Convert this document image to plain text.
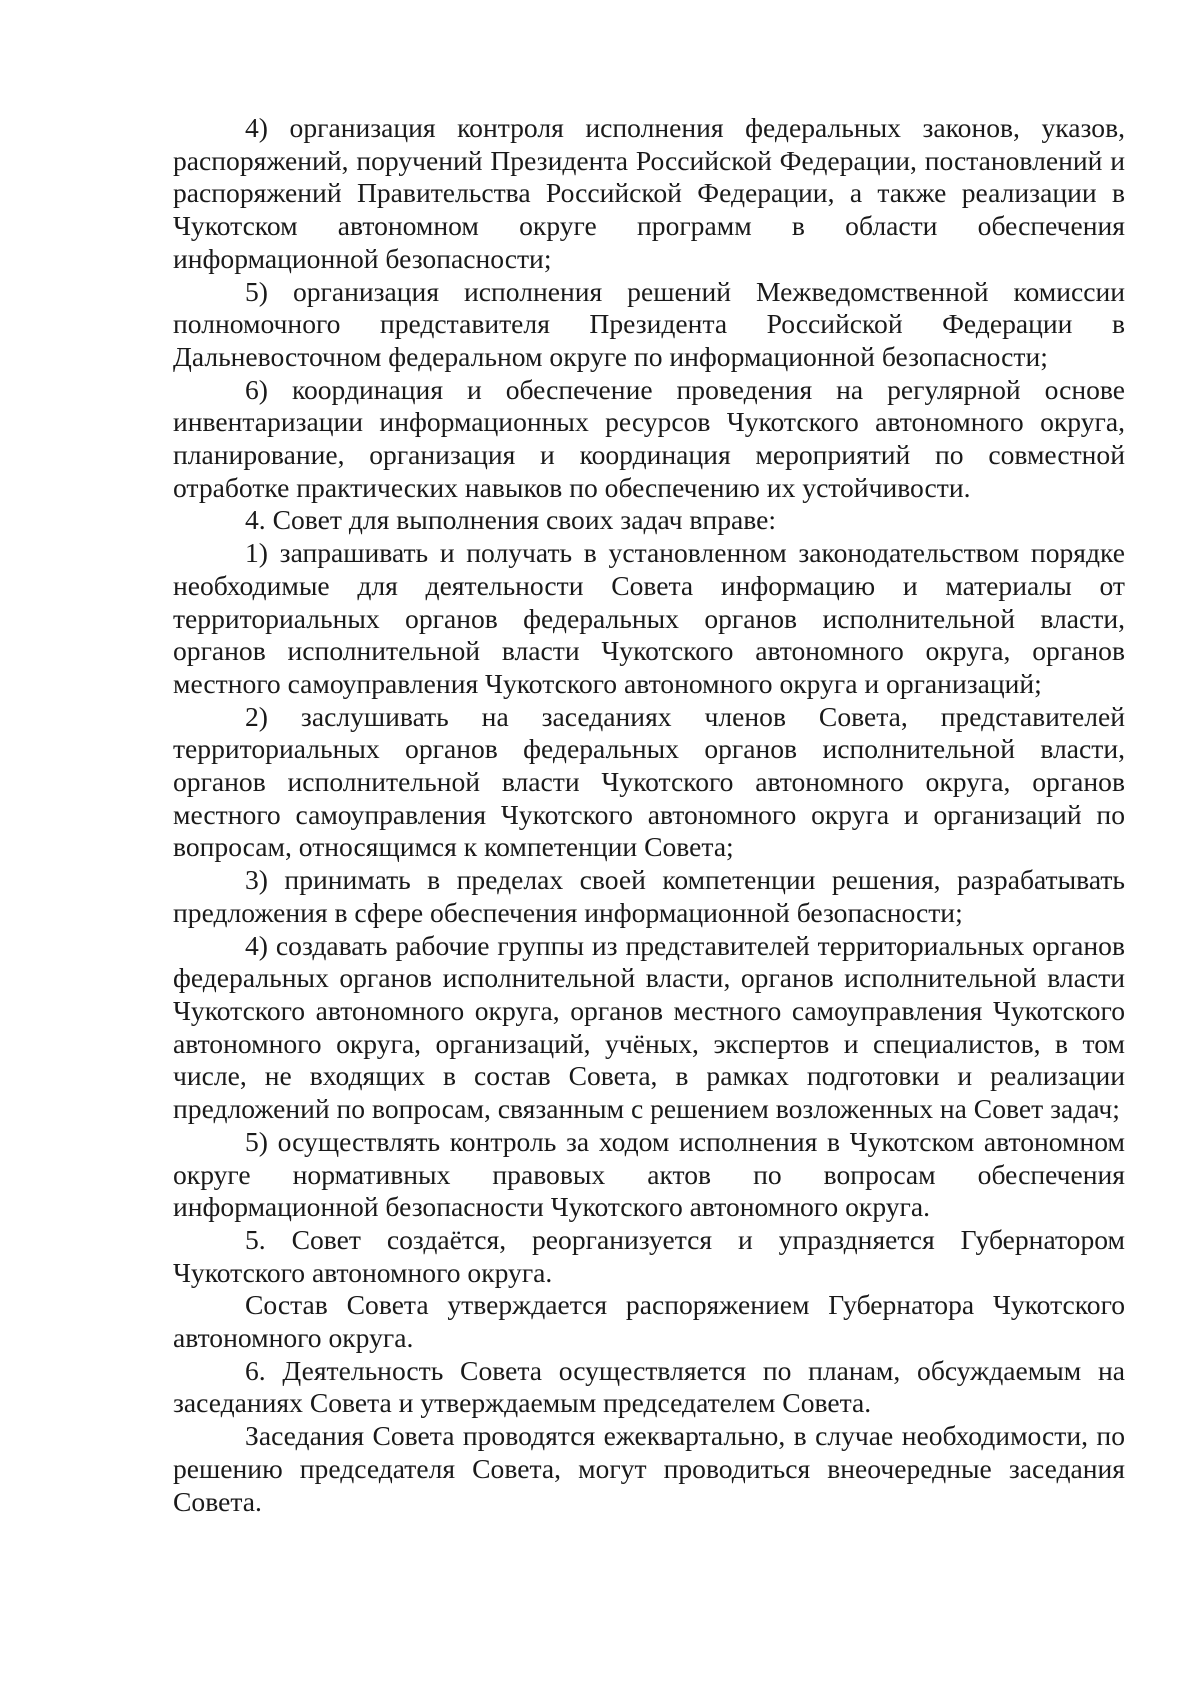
4) организация контроля исполнения федеральных законов, указов, распоряжений, поручений Президента Российской Федерации, постановлений и распоряжений Правительства Российской Федерации, а также реализации в Чукотском автономном округе программ в области обеспечения информационной безопасности;

5) организация исполнения решений Межведомственной комиссии полномочного представителя Президента Российской Федерации в Дальневосточном федеральном округе по информационной безопасности;

6) координация и обеспечение проведения на регулярной основе инвентаризации информационных ресурсов Чукотского автономного округа, планирование, организация и координация мероприятий по совместной отработке практических навыков по обеспечению их устойчивости.

4. Совет для выполнения своих задач вправе:

1) запрашивать и получать в установленном законодательством порядке необходимые для деятельности Совета информацию и материалы от территориальных органов федеральных органов исполнительной власти, органов исполнительной власти Чукотского автономного округа, органов местного самоуправления Чукотского автономного округа и организаций;

2) заслушивать на заседаниях членов Совета, представителей территориальных органов федеральных органов исполнительной власти, органов исполнительной власти Чукотского автономного округа, органов местного самоуправления Чукотского автономного округа и организаций по вопросам, относящимся к компетенции Совета;

3) принимать в пределах своей компетенции решения, разрабатывать предложения в сфере обеспечения информационной безопасности;

4) создавать рабочие группы из представителей территориальных органов федеральных органов исполнительной власти, органов исполнительной власти Чукотского автономного округа, органов местного самоуправления Чукотского автономного округа, организаций, учёных, экспертов и специалистов, в том числе, не входящих в состав Совета, в рамках подготовки и реализации предложений по вопросам, связанным с решением возложенных на Совет задач;

5) осуществлять контроль за ходом исполнения в Чукотском автономном округе нормативных правовых актов по вопросам обеспечения информационной безопасности Чукотского автономного округа.

5. Совет создаётся, реорганизуется и упраздняется Губернатором Чукотского автономного округа.

Состав Совета утверждается распоряжением Губернатора Чукотского автономного округа.

6. Деятельность Совета осуществляется по планам, обсуждаемым на заседаниях Совета и утверждаемым председателем Совета.

Заседания Совета проводятся ежеквартально, в случае необходимости, по решению председателя Совета, могут проводиться внеочередные заседания Совета.
